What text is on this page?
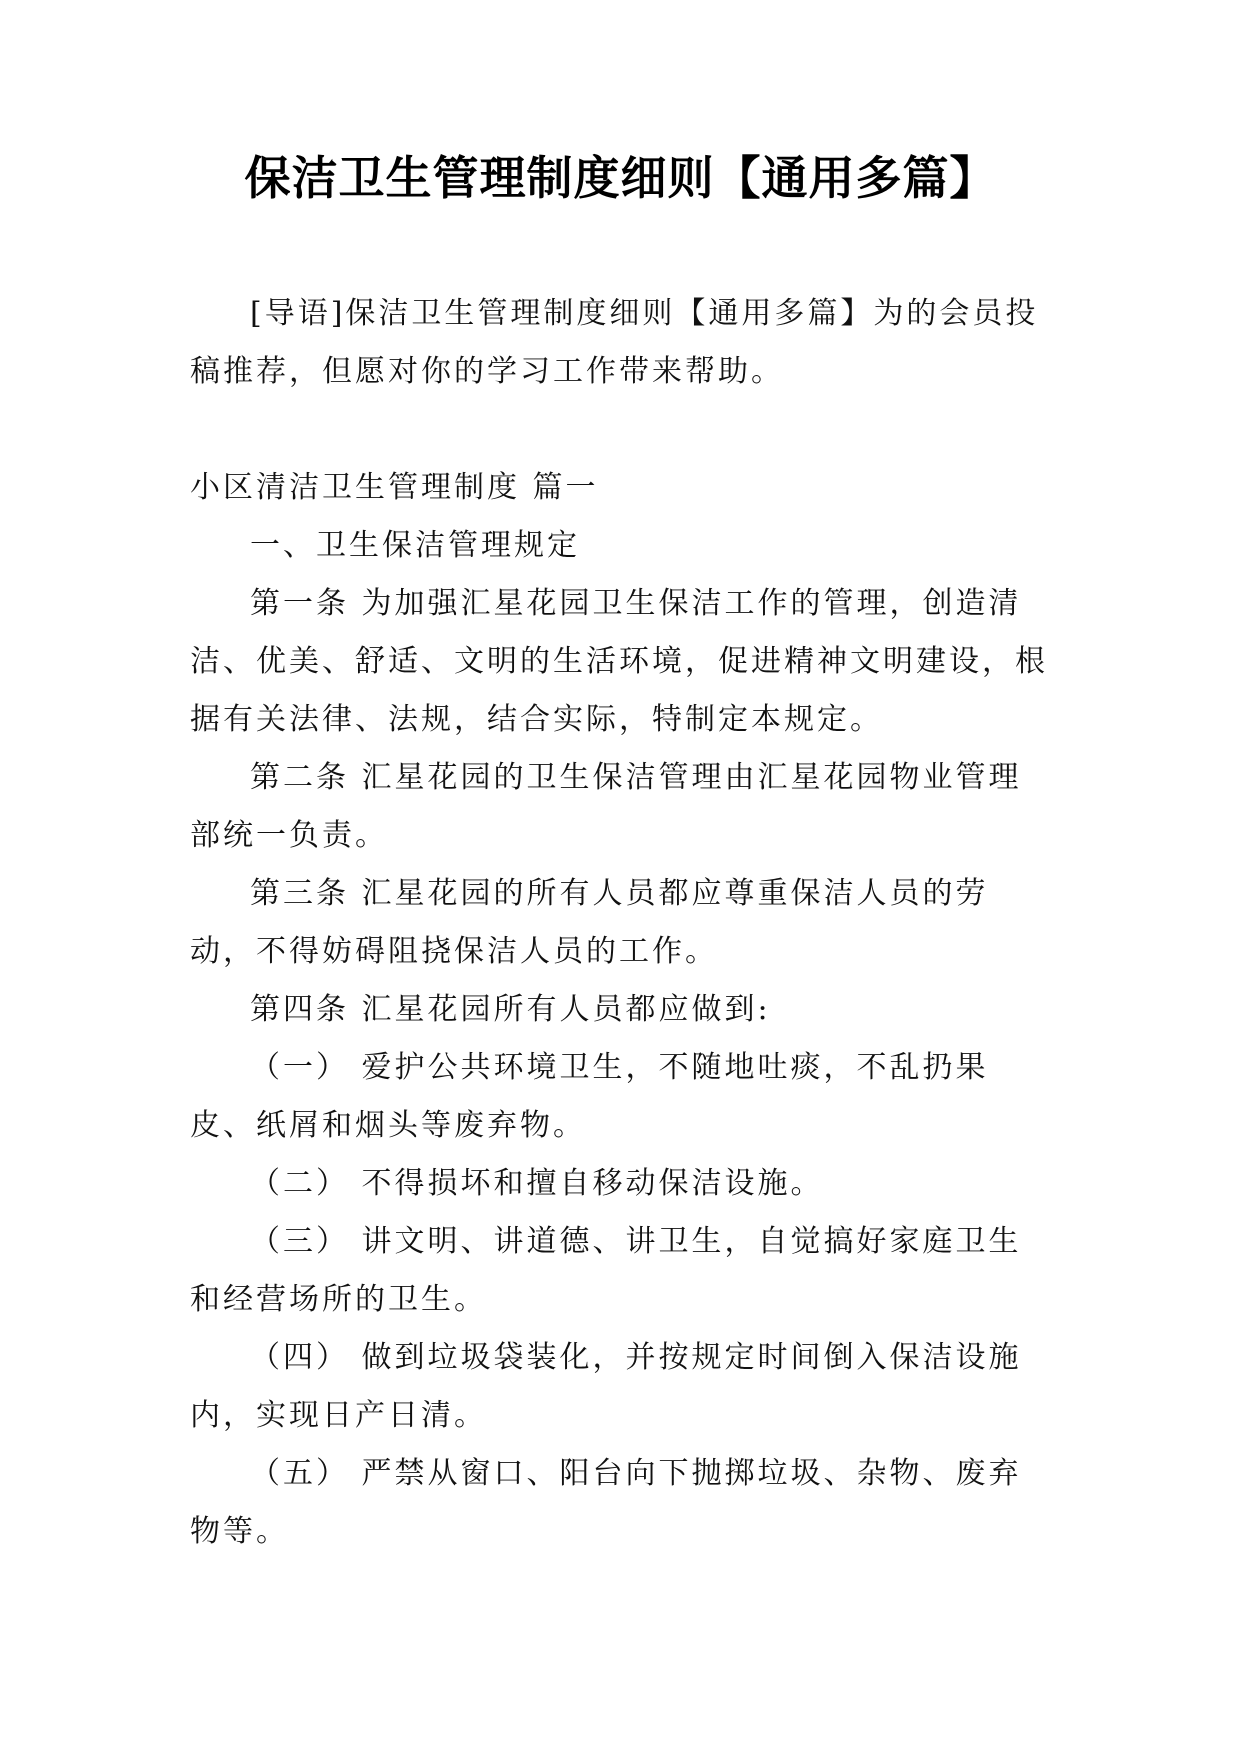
保洁卫生管理制度细则【通用多篇】

[导语]保洁卫生管理制度细则【通用多篇】为的会员投稿推荐，但愿对你的学习工作带来帮助。

小区清洁卫生管理制度 篇一

一、卫生保洁管理规定

第一条 为加强汇星花园卫生保洁工作的管理，创造清洁、优美、舒适、文明的生活环境，促进精神文明建设，根据有关法律、法规，结合实际，特制定本规定。

第二条 汇星花园的卫生保洁管理由汇星花园物业管理部统一负责。

第三条 汇星花园的所有人员都应尊重保洁人员的劳动，不得妨碍阻挠保洁人员的工作。

第四条 汇星花园所有人员都应做到:

（一） 爱护公共环境卫生，不随地吐痰，不乱扔果皮、纸屑和烟头等废弃物。

（二） 不得损坏和擅自移动保洁设施。

（三） 讲文明、讲道德、讲卫生，自觉搞好家庭卫生和经营场所的卫生。

（四） 做到垃圾袋装化，并按规定时间倒入保洁设施内，实现日产日清。

（五） 严禁从窗口、阳台向下抛掷垃圾、杂物、废弃物等。
